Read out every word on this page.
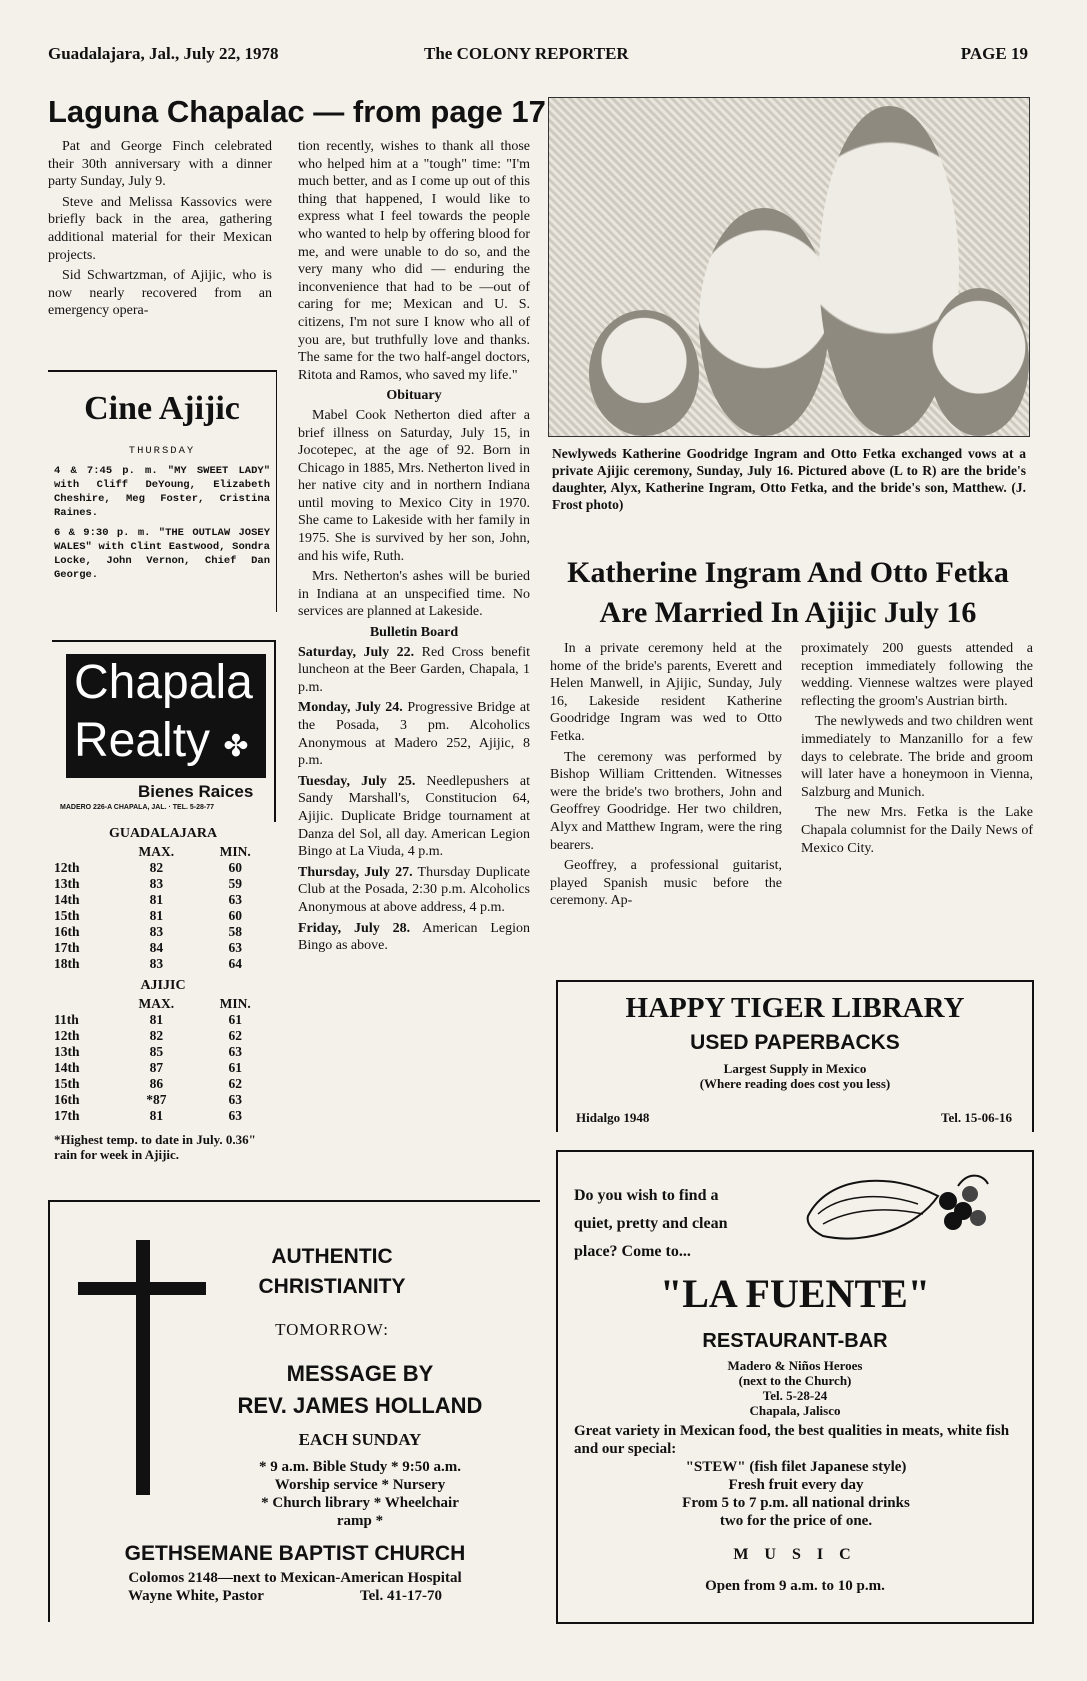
Guadalajara, Jal., July 22, 1978	The COLONY REPORTER	PAGE 19
Laguna Chapalac — from page 17

Pat and George Finch celebrated their 30th anniversary with a dinner party Sunday, July 9.

Steve and Melissa Kassovics were briefly back in the area, gathering additional material for their Mexican projects.

Sid Schwartzman, of Ajijic, who is now nearly recovered from an emergency opera-

Cine Ajijic
THURSDAY
4 & 7:45 p. m. "MY SWEET LADY" with Cliff DeYoung, Elizabeth Cheshire, Meg Foster, Cristina Raines.
6 & 9:30 p. m. "THE OUTLAW JOSEY WALES" with Clint Eastwood, Sondra Locke, John Vernon, Chief Dan George.
Chapala
Realty ✤
Bienes Raices
MADERO 226-A CHAPALA, JAL. · TEL. 5-28-77
GUADALAJARA
	MAX.	MIN.
12th	82	60
13th	83	59
14th	81	63
15th	81	60
16th	83	58
17th	84	63
18th	83	64
AJIJIC
	MAX.	MIN.
11th	81	61
12th	82	62
13th	85	63
14th	87	61
15th	86	62
16th	*87	63
17th	81	63
*Highest temp. to date in July. 0.36" rain for week in Ajijic.

tion recently, wishes to thank all those who helped him at a "tough" time: "I'm much better, and as I come up out of this thing that happened, I would like to express what I feel towards the people who wanted to help by offering blood for me, and were unable to do so, and the very many who did — enduring the inconvenience that had to be —out of caring for me; Mexican and U. S. citizens, I'm not sure I know who all of you are, but truthfully love and thanks. The same for the two half-angel doctors, Ritota and Ramos, who saved my life."

Obituary

Mabel Cook Netherton died after a brief illness on Saturday, July 15, in Jocotepec, at the age of 92. Born in Chicago in 1885, Mrs. Netherton lived in her native city and in northern Indiana until moving to Mexico City in 1970. She came to Lakeside with her family in 1975. She is survived by her son, John, and his wife, Ruth.

Mrs. Netherton's ashes will be buried in Indiana at an unspecified time. No services are planned at Lakeside.

Bulletin Board

Saturday, July 22. Red Cross benefit luncheon at the Beer Garden, Chapala, 1 p.m.

Monday, July 24. Progressive Bridge at the Posada, 3 pm. Alcoholics Anonymous at Madero 252, Ajijic, 8 p.m.

Tuesday, July 25. Needlepushers at Sandy Marshall's, Constitucion 64, Ajijic. Duplicate Bridge tournament at Danza del Sol, all day. American Legion Bingo at La Viuda, 4 p.m.

Thursday, July 27. Thursday Duplicate Club at the Posada, 2:30 p.m. Alcoholics Anonymous at above address, 4 p.m.

Friday, July 28. American Legion Bingo as above.

Newlyweds Katherine Goodridge Ingram and Otto Fetka exchanged vows at a private Ajijic ceremony, Sunday, July 16. Pictured above (L to R) are the bride's daughter, Alyx, Katherine Ingram, Otto Fetka, and the bride's son, Matthew. (J. Frost photo)
Katherine Ingram And Otto Fetka
Are Married In Ajijic July 16

In a private ceremony held at the home of the bride's parents, Everett and Helen Manwell, in Ajijic, Sunday, July 16, Lakeside resident Katherine Goodridge Ingram was wed to Otto Fetka.

The ceremony was performed by Bishop William Crittenden. Witnesses were the bride's two brothers, John and Geoffrey Goodridge. Her two children, Alyx and Matthew Ingram, were the ring bearers.

Geoffrey, a professional guitarist, played Spanish music before the ceremony. Ap-

proximately 200 guests attended a reception immediately following the wedding. Viennese waltzes were played reflecting the groom's Austrian birth.

The newlyweds and two children went immediately to Manzanillo for a few days to celebrate. The bride and groom will later have a honeymoon in Vienna, Salzburg and Munich.

The new Mrs. Fetka is the Lake Chapala columnist for the Daily News of Mexico City.

HAPPY TIGER LIBRARY
USED PAPERBACKS
Largest Supply in Mexico
(Where reading does cost you less)
Hidalgo 1948	Tel. 15-06-16
AUTHENTIC
CHRISTIANITY
TOMORROW:
MESSAGE BY
REV. JAMES HOLLAND
EACH SUNDAY
* 9 a.m. Bible Study * 9:50 a.m.
Worship service * Nursery
* Church library * Wheelchair
ramp *
GETHSEMANE BAPTIST CHURCH
Colomos 2148—next to Mexican-American Hospital
Wayne White, Pastor	Tel. 41-17-70
Do you wish to find a
quiet, pretty and clean
place? Come to...
"LA FUENTE"
RESTAURANT-BAR
Madero & Niños Heroes
(next to the Church)
Tel. 5-28-24
Chapala, Jalisco
Great variety in Mexican food, the best qualities in meats, white fish and our special:
"STEW" (fish filet Japanese style)
Fresh fruit every day
From 5 to 7 p.m. all national drinks
two for the price of one.
M U S I C
Open from 9 a.m. to 10 p.m.
